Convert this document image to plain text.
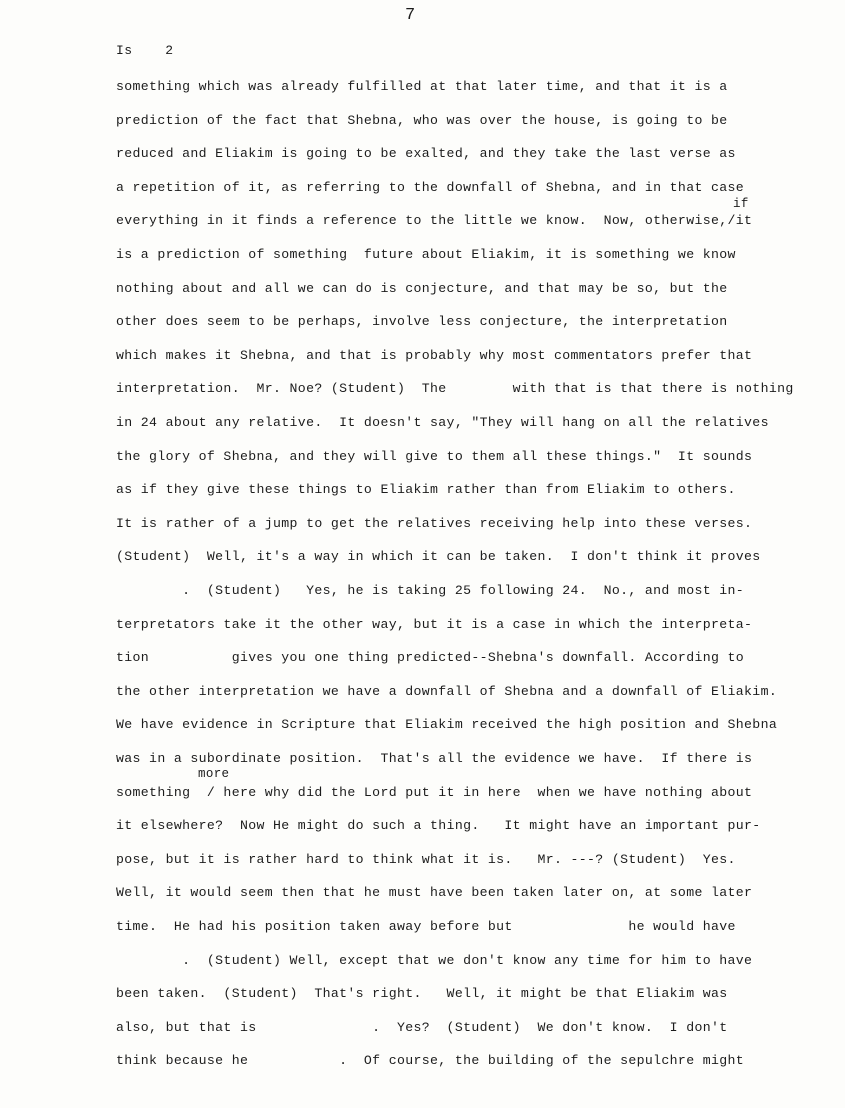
7
Is    2
something which was already fulfilled at that later time, and that it is a
prediction of the fact that Shebna, who was over the house, is going to be
reduced and Eliakim is going to be exalted, and they take the last verse as
a repetition of it, as referring to the downfall of Shebna, and in that case
everything in it finds a reference to the little we know.  Now, otherwise,/it
is a prediction of something  future about Eliakim, it is something we know
nothing about and all we can do is conjecture, and that may be so, but the
other does seem to be perhaps, involve less conjecture, the interpretation
which makes it Shebna, and that is probably why most commentators prefer that
interpretation.  Mr. Noe? (Student)  The        with that is that there is nothing
in 24 about any relative.  It doesn't say, "They will hang on all the relatives
the glory of Shebna, and they will give to them all these things."  It sounds
as if they give these things to Eliakim rather than from Eliakim to others.
It is rather of a jump to get the relatives receiving help into these verses.
(Student)  Well, it's a way in which it can be taken.  I don't think it proves
.  (Student)   Yes, he is taking 25 following 24.  No., and most in-
terpretators take it the other way, but it is a case in which the interpreta-
tion          gives you one thing predicted--Shebna's downfall. According to
the other interpretation we have a downfall of Shebna and a downfall of Eliakim.
We have evidence in Scripture that Eliakim received the high position and Shebna
was in a subordinate position.  That's all the evidence we have.  If there is
something  / here why did the Lord put it in here  when we have nothing about
it elsewhere?  Now He might do such a thing.   It might have an important pur-
pose, but it is rather hard to think what it is.   Mr. ---? (Student)  Yes.
Well, it would seem then that he must have been taken later on, at some later
time.  He had his position taken away before but              he would have
.  (Student) Well, except that we don't know any time for him to have
been taken.  (Student)  That's right.   Well, it might be that Eliakim was
also, but that is              .  Yes?  (Student)  We don't know.  I don't
think because he           .  Of course, the building of the sepulchre might
if
more
